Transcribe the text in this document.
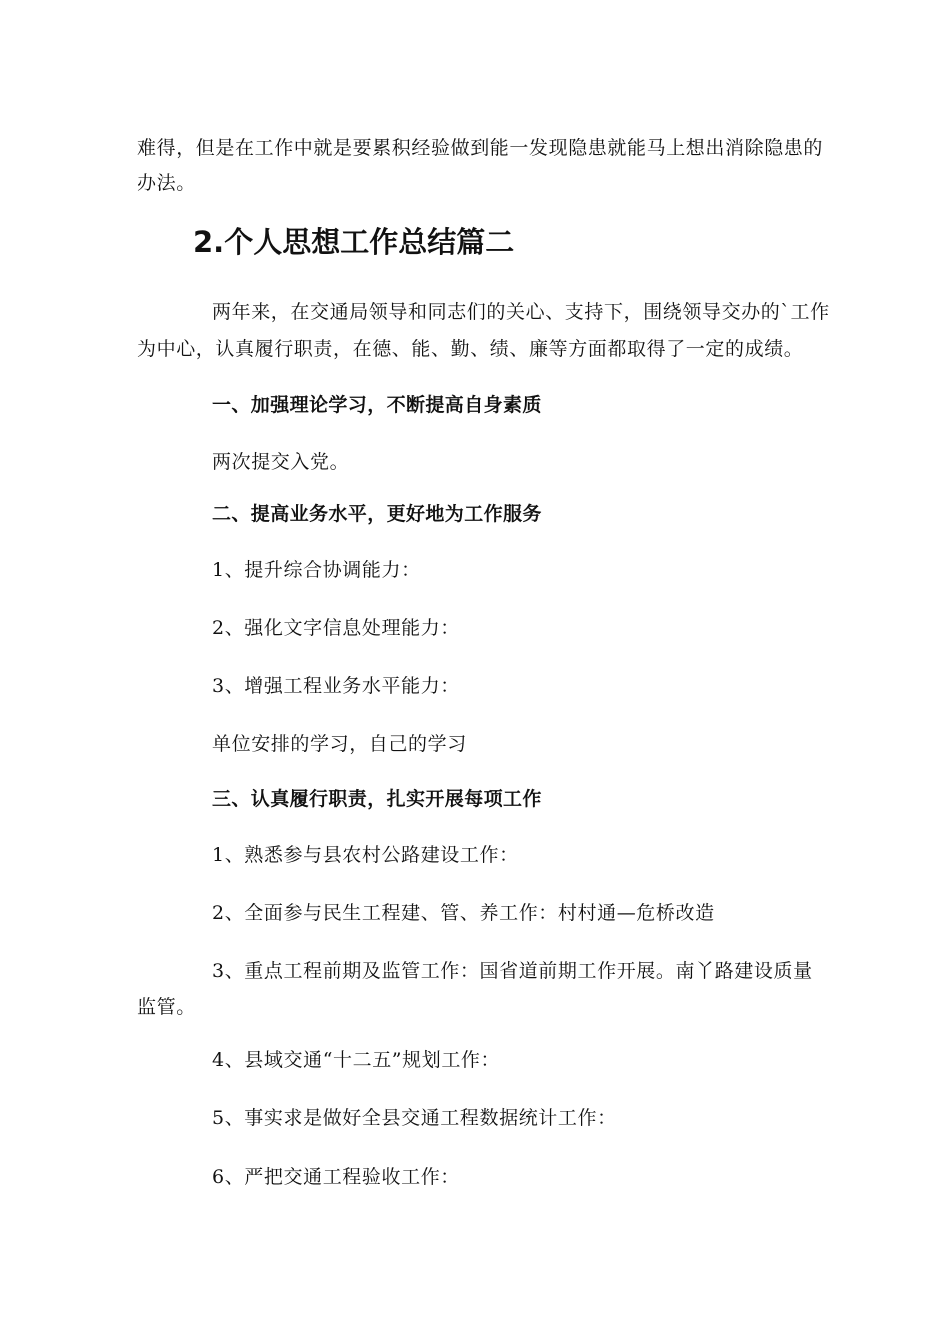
难得，但是在工作中就是要累积经验做到能一发现隐患就能马上想出消除隐患的
办法。
2.个人思想工作总结篇二
两年来，在交通局领导和同志们的关心、支持下，围绕领导交办的`工作
为中心，认真履行职责，在德、能、勤、绩、廉等方面都取得了一定的成绩。
一、加强理论学习，不断提高自身素质
两次提交入党。
二、提高业务水平，更好地为工作服务
1、提升综合协调能力：
2、强化文字信息处理能力：
3、增强工程业务水平能力：
单位安排的学习，自己的学习
三、认真履行职责，扎实开展每项工作
1、熟悉参与县农村公路建设工作：
2、全面参与民生工程建、管、养工作：村村通—危桥改造
3、重点工程前期及监管工作：国省道前期工作开展。南丫路建设质量
监管。
4、县域交通“十二五”规划工作：
5、事实求是做好全县交通工程数据统计工作：
6、严把交通工程验收工作：
